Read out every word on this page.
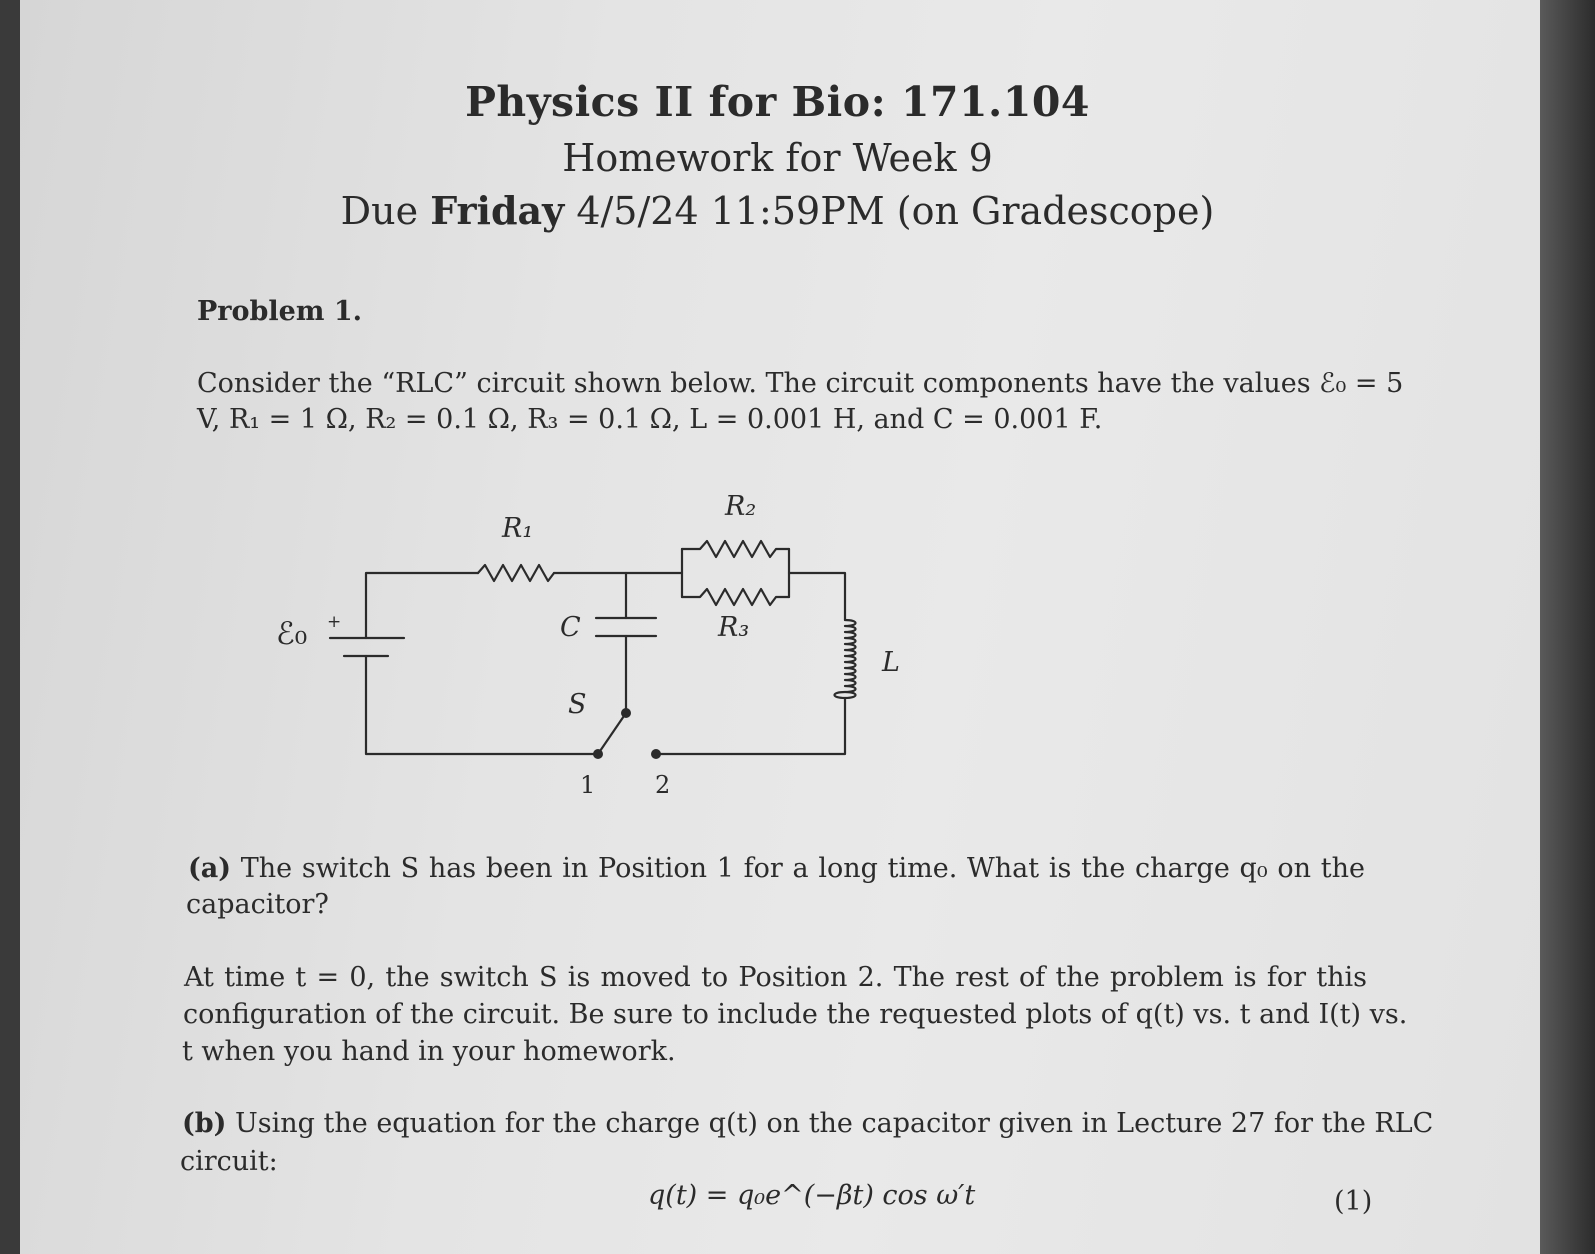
Physics II for Bio: 171.104
Homework for Week 9
Due Friday 4/5/24 11:59PM (on Gradescope)
Problem 1.
Consider the “RLC” circuit shown below. The circuit components have the values ℰ₀ = 5
V, R₁ = 1 Ω, R₂ = 0.1 Ω, R₃ = 0.1 Ω, L = 0.001 H, and C = 0.001 F.
ℰ₀ +
R₁
R₂
R₃
C
S
L
1 2
(a) The switch S has been in Position 1 for a long time. What is the charge q₀ on the
capacitor?
At time t = 0, the switch S is moved to Position 2. The rest of the problem is for this
configuration of the circuit. Be sure to include the requested plots of q(t) vs. t and I(t) vs.
t when you hand in your homework.
(b) Using the equation for the charge q(t) on the capacitor given in Lecture 27 for the RLC
circuit:
q(t) = q₀e^(−βt) cos ω′t	(1)
